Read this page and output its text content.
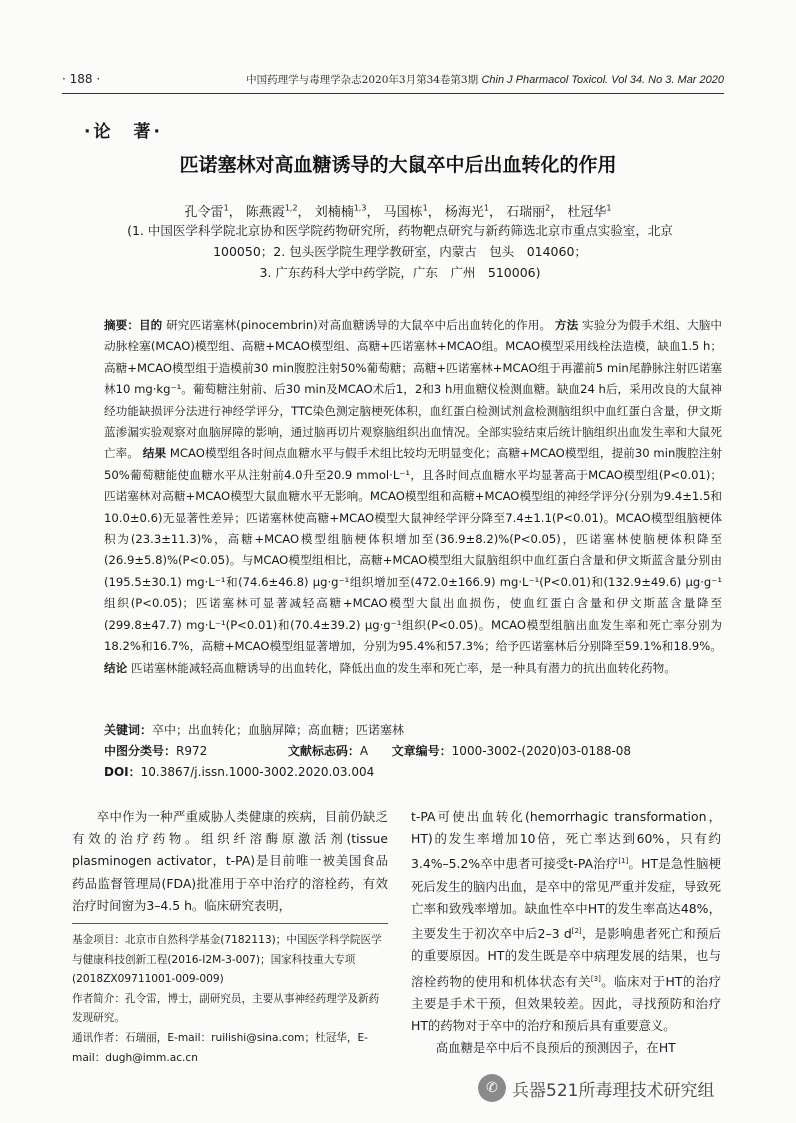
· 188 ·	中国药理学与毒理学杂志2020年3月第34卷第3期 Chin J Pharmacol Toxicol. Vol 34. No 3. Mar 2020
·论　著·
匹诺塞林对高血糖诱导的大鼠卒中后出血转化的作用
孔令雷$^1$， 陈燕霞$^{1,2}$， 刘楠楠$^{1,3}$， 马国栋$^1$， 杨海光$^1$， 石瑞丽$^2$， 杜冠华$^1$
(1. 中国医学科学院北京协和医学院药物研究所，药物靶点研究与新药筛选北京市重点实验室，北京
100050；2. 包头医学院生理学教研室，内蒙古　包头　014060；
3. 广东药科大学中药学院，广东　广州　510006)

摘要：目的 研究匹诺塞林(pinocembrin)对高血糖诱导的大鼠卒中后出血转化的作用。 方法 实验分为假手术组、大脑中动脉栓塞(MCAO)模型组、高糖+MCAO模型组、高糖+匹诺塞林+MCAO组。MCAO模型采用线栓法造模，缺血1.5 h；高糖+MCAO模型组于造模前30 min腹腔注射50%葡萄糖；高糖+匹诺塞林+MCAO组于再灌前5 min尾静脉注射匹诺塞林10 mg·kg⁻¹。葡萄糖注射前、后30 min及MCAO术后1，2和3 h用血糖仪检测血糖。缺血24 h后，采用改良的大鼠神经功能缺损评分法进行神经学评分，TTC染色测定脑梗死体积，血红蛋白检测试剂盒检测脑组织中血红蛋白含量，伊文斯蓝渗漏实验观察对血脑屏障的影响，通过脑再切片观察脑组织出血情况。全部实验结束后统计脑组织出血发生率和大鼠死亡率。 结果 MCAO模型组各时间点血糖水平与假手术组比较均无明显变化；高糖+MCAO模型组，提前30 min腹腔注射50%葡萄糖能使血糖水平从注射前4.0升至20.9 mmol·L⁻¹，且各时间点血糖水平均显著高于MCAO模型组(P<0.01)；匹诺塞林对高糖+MCAO模型大鼠血糖水平无影响。MCAO模型组和高糖+MCAO模型组的神经学评分(分别为9.4±1.5和10.0±0.6)无显著性差异；匹诺塞林使高糖+MCAO模型大鼠神经学评分降至7.4±1.1(P<0.01)。MCAO模型组脑梗体积为(23.3±11.3)%，高糖+MCAO模型组脑梗体积增加至(36.9±8.2)%(P<0.05)，匹诺塞林使脑梗体积降至(26.9±5.8)%(P<0.05)。与MCAO模型组相比，高糖+MCAO模型组大鼠脑组织中血红蛋白含量和伊文斯蓝含量分别由(195.5±30.1) mg·L⁻¹和(74.6±46.8) μg·g⁻¹组织增加至(472.0±166.9) mg·L⁻¹(P<0.01)和(132.9±49.6) μg·g⁻¹组织(P<0.05)；匹诺塞林可显著减轻高糖+MCAO模型大鼠出血损伤，使血红蛋白含量和伊文斯蓝含量降至(299.8±47.7) mg·L⁻¹(P<0.01)和(70.4±39.2) μg·g⁻¹组织(P<0.05)。MCAO模型组脑出血发生率和死亡率分别为18.2%和16.7%，高糖+MCAO模型组显著增加，分别为95.4%和57.3%；给予匹诺塞林后分别降至59.1%和18.9%。 结论 匹诺塞林能减轻高血糖诱导的出血转化，降低出血的发生率和死亡率，是一种具有潜力的抗出血转化药物。

关键词：卒中；出血转化；血脑屏障；高血糖；匹诺塞林
中图分类号：R972	文献标志码：A 文章编号：1000-3002-(2020)03-0188-08
DOI：10.3867/j.issn.1000-3002.2020.03.004

卒中作为一种严重威胁人类健康的疾病，目前仍缺乏有效的治疗药物。组织纤溶酶原激活剂(tissue plasminogen activator，t-PA)是目前唯一被美国食品药品监督管理局(FDA)批准用于卒中治疗的溶栓药，有效治疗时间窗为3–4.5 h。临床研究表明，

基金项目：北京市自然科学基金(7182113)；中国医学科学院医学与健康科技创新工程(2016-I2M-3-007)；国家科技重大专项(2018ZX09711001-009-009)

作者简介：孔令雷，博士，副研究员，主要从事神经药理学及新药发现研究。

通讯作者：石瑞丽，E-mail：ruilishi@sina.com；杜冠华，E-mail：dugh@imm.ac.cn

t-PA可使出血转化(hemorrhagic transformation，HT)的发生率增加10倍，死亡率达到60%，只有约3.4%–5.2%卒中患者可接受t-PA治疗[1]。HT是急性脑梗死后发生的脑内出血，是卒中的常见严重并发症，导致死亡率和致残率增加。缺血性卒中HT的发生率高达48%，主要发生于初次卒中后2–3 d[2]，是影响患者死亡和预后的重要原因。HT的发生既是卒中病理发展的结果，也与溶栓药物的使用和机体状态有关[3]。临床对于HT的治疗主要是手术干预，但效果较差。因此，寻找预防和治疗HT的药物对于卒中的治疗和预后具有重要意义。

高血糖是卒中后不良预后的预测因子，在HT

✆ 兵器521所毒理技术研究组
